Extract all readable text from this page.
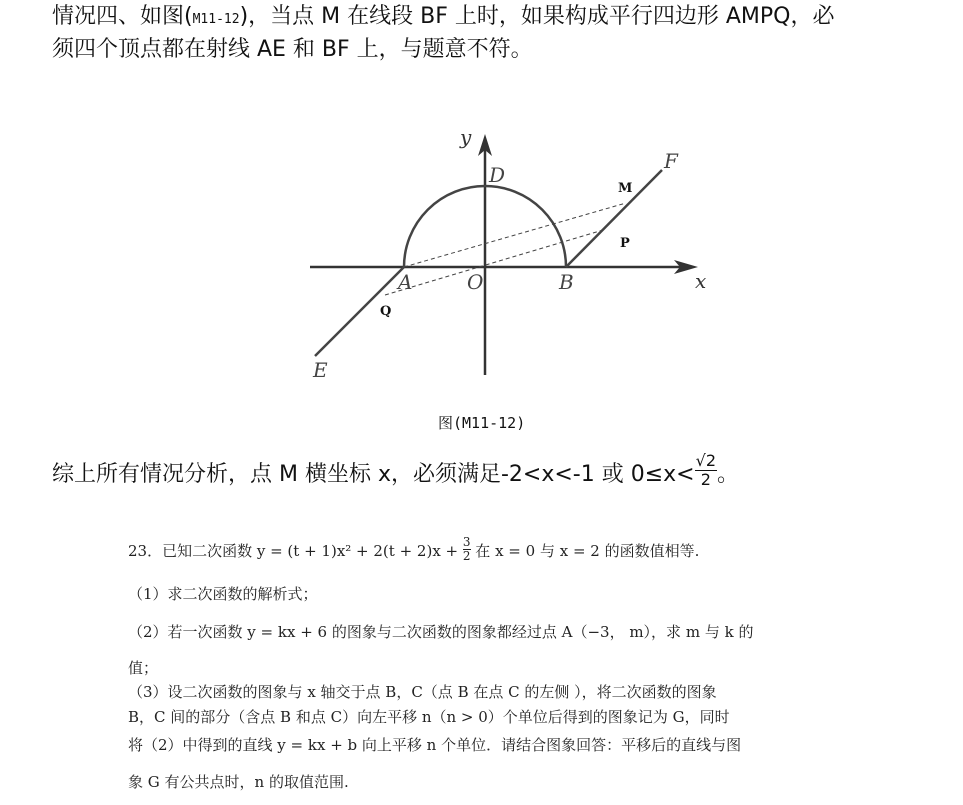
情况四、如图(M11-12)，当点 M 在线段 BF 上时，如果构成平行四边形 AMPQ，必
须四个顶点都在射线 AE 和 BF 上，与题意不符。
y
x
D
F
M
P
A	O	B
Q
E
图(M11-12)
综上所有情况分析，点 M 横坐标 x，必须满足-2<x<-1 或 $0\le x< \frac{√2}{2}$ 。
23．已知二次函数 $y = (t + 1)x^2 + 2(t + 2)x + \frac{3}{2}$ 在 x = 0 与 x = 2 的函数值相等.
（1）求二次函数的解析式；
（2）若一次函数 y = kx + 6 的图象与二次函数的图象都经过点 A（−3， m），求 m 与 k 的
值；
（3）设二次函数的图象与 x 轴交于点 B，C（点 B 在点 C 的左侧 ），将二次函数的图象
B，C 间的部分（含点 B 和点 C）向左平移 n（n > 0）个单位后得到的图象记为 G，同时
将（2）中得到的直线 y = kx + b 向上平移 n 个单位．请结合图象回答：平移后的直线与图
象 G 有公共点时，n 的取值范围.
